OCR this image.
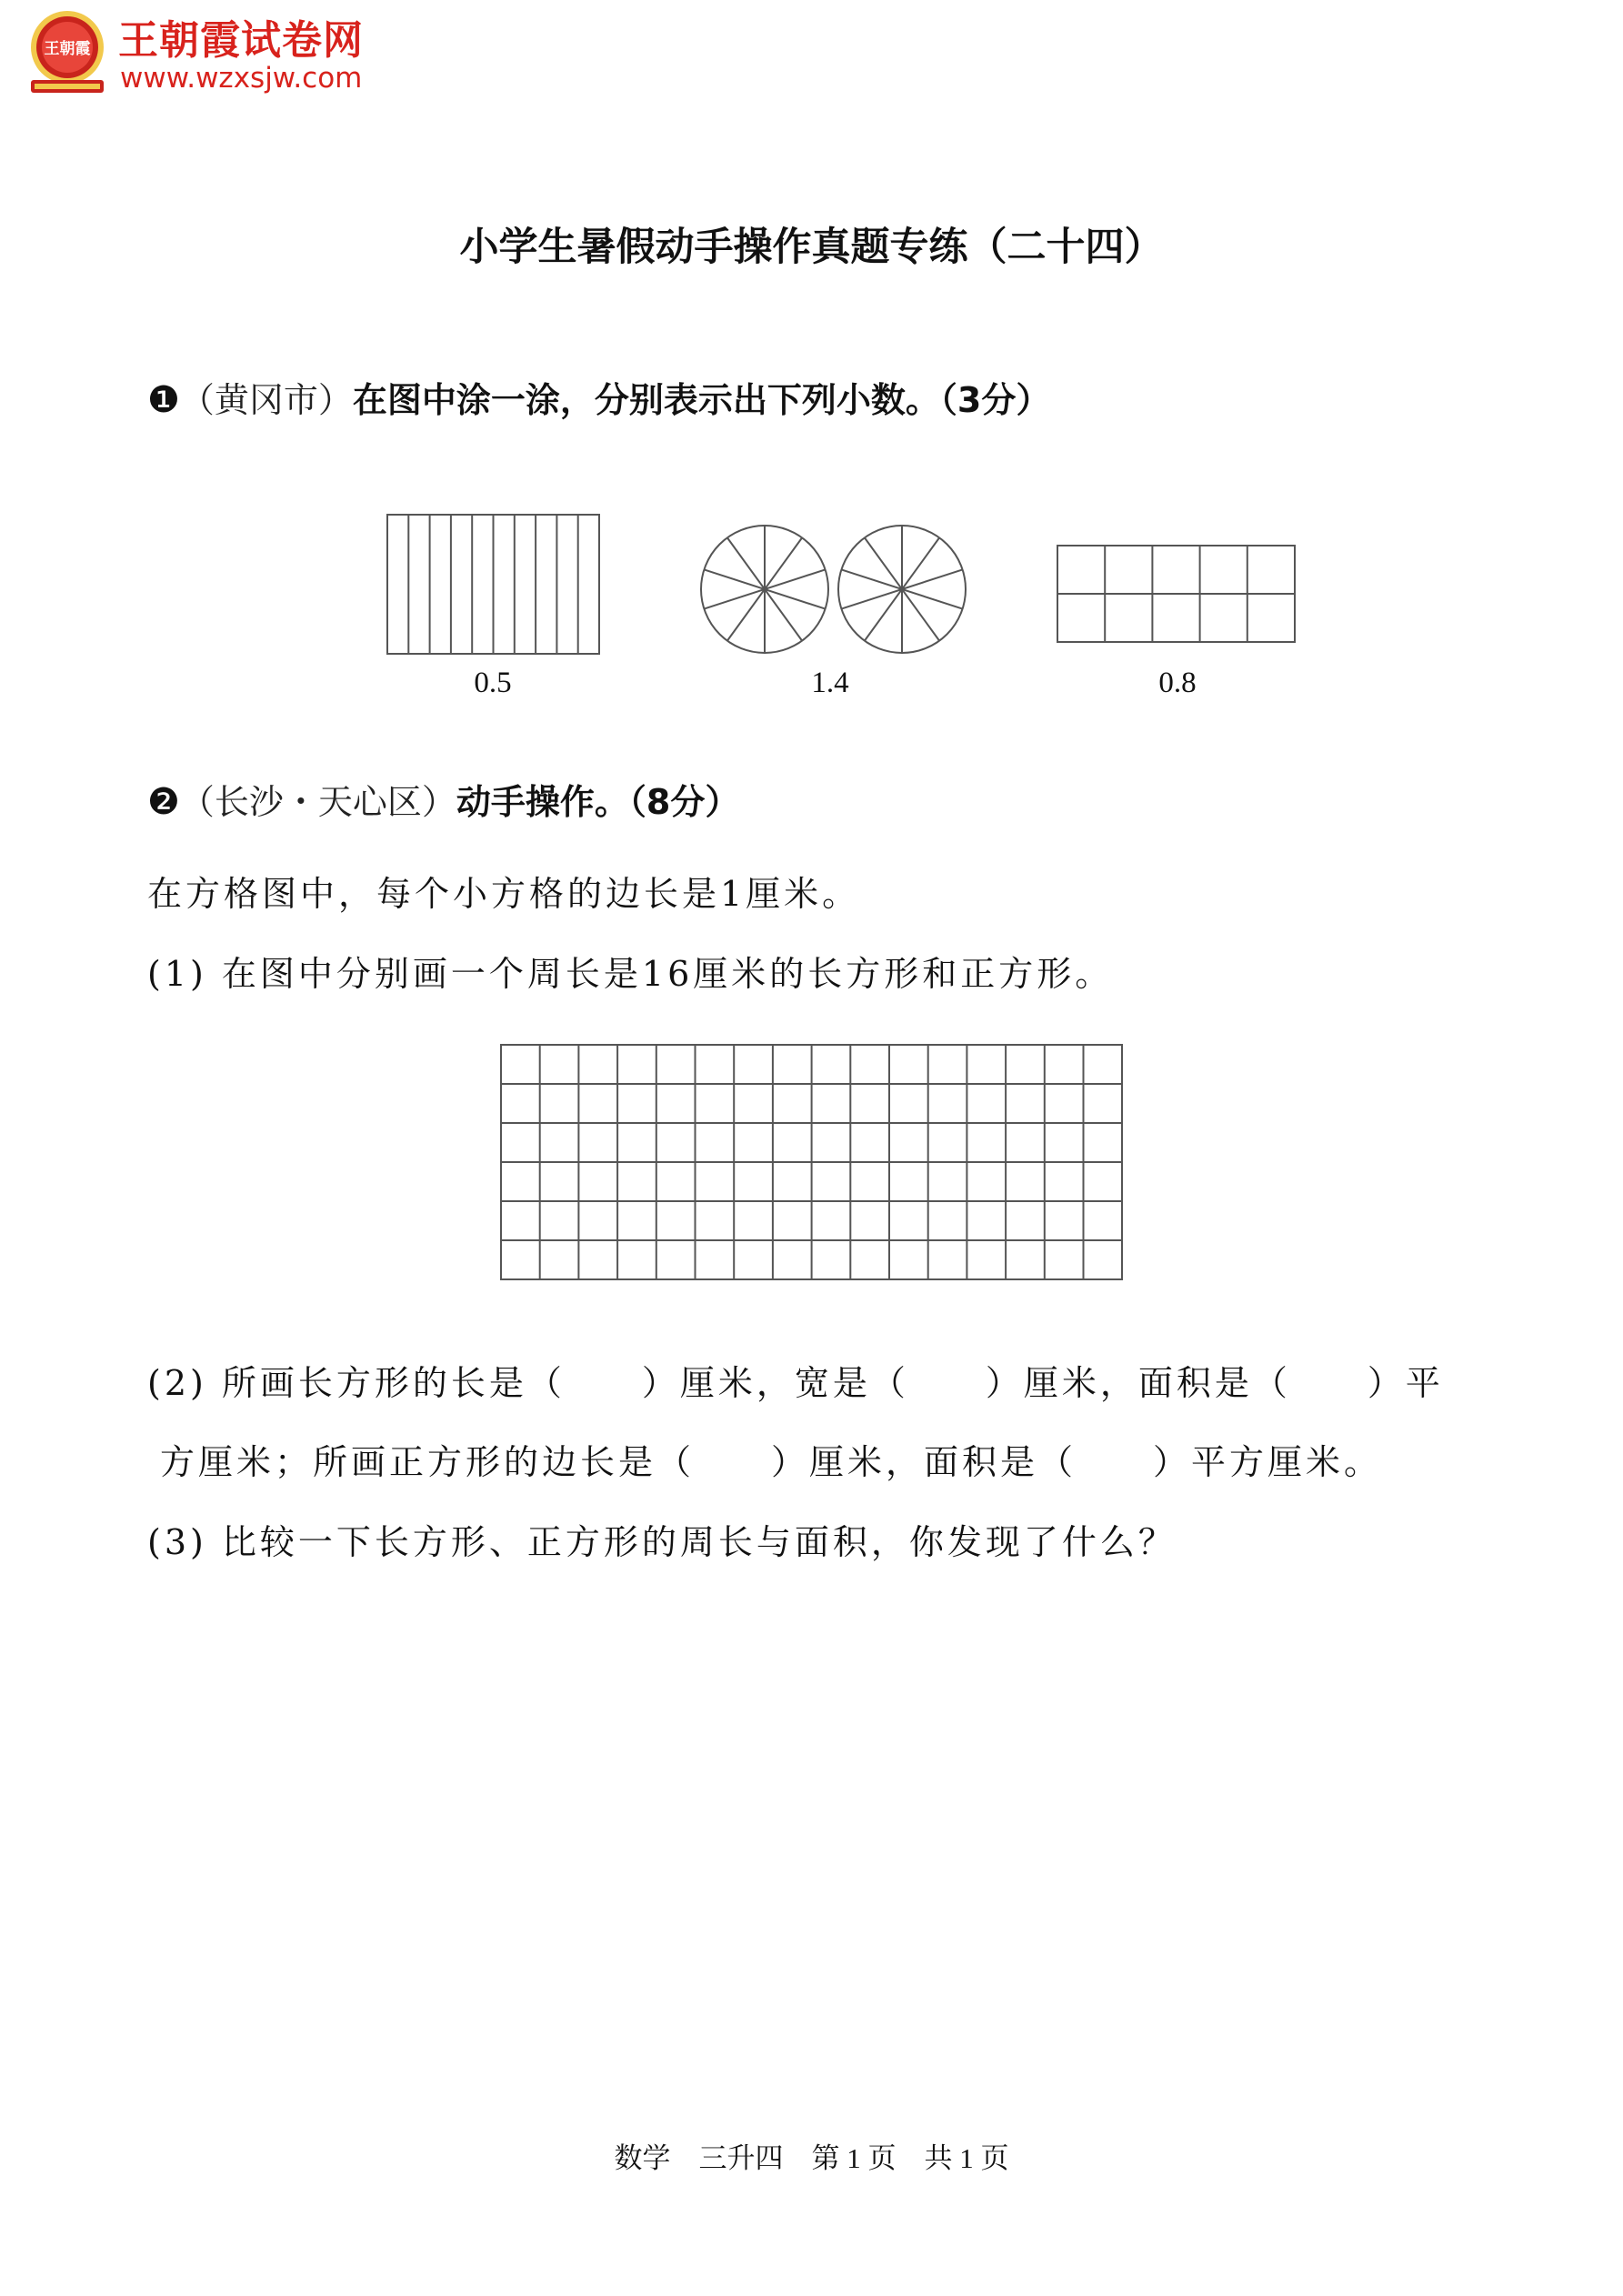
王朝霞 王朝霞试卷网
www.wzxsjw.com
小学生暑假动手操作真题专练（二十四）
❶（黄冈市）在图中涂一涂，分别表示出下列小数。（3分）
0.5	1.4	0.8
❷（长沙・天心区）动手操作。（8分）
在方格图中，每个小方格的边长是1厘米。
(1) 在图中分别画一个周长是16厘米的长方形和正方形。
(2) 所画长方形的长是（　　）厘米，宽是（　　）厘米，面积是（　　）平
方厘米；所画正方形的边长是（　　）厘米，面积是（　　）平方厘米。
(3) 比较一下长方形、正方形的周长与面积，你发现了什么？
数学　三升四　第 1 页　共 1 页
